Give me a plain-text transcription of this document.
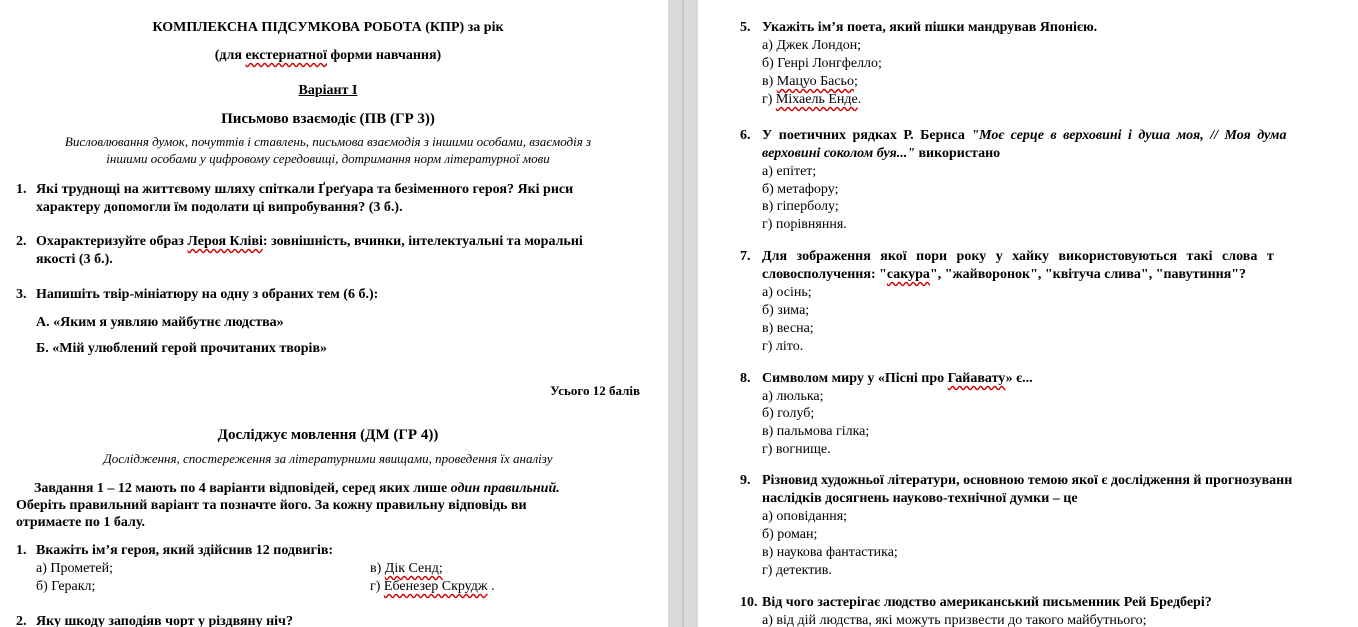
КОМПЛЕКСНА ПІДСУМКОВА РОБОТА (КПР) за рік
(для екстернатної форми навчання)
Варіант І
Письмово взаємодіє (ПВ (ГР 3))
Висловлювання думок, почуттів і ставлень, письмова взаємодія з іншими особами, взаємодія з
іншими особами у цифровому середовищі, дотримання норм літературної мови
1. Які труднощі на життєвому шляху спіткали Ґреґуара та безіменного героя? Які риси
характеру допомогли їм подолати ці випробування? (3 б.).
2. Охарактеризуйте образ Лероя Кліві: зовнішність, вчинки, інтелектуальні та моральні
якості (3 б.).
3. Напишіть твір-мініатюру на одну з обраних тем (6 б.):
А. «Яким я уявляю майбутнє людства»
Б. «Мій улюблений герой прочитаних творів»
Усього 12 балів
Досліджує мовлення (ДМ (ГР 4))
Дослідження, спостереження за літературними явищами, проведення їх аналізу
Завдання 1 – 12 мають по 4 варіанти відповідей, серед яких лише один правильний.
Оберіть правильний варіант та позначте його. За кожну правильну відповідь ви
отримаєте по 1 балу.
1. Вкажіть ім’я героя, який здійснив 12 подвигів:
а) Прометей;
б) Геракл;
в) Дік Сенд;
г) Ебенезер Скрудж .
2. Яку шкоду заподіяв чорт у різдвяну ніч?
5. Укажіть ім’я поета, який пішки мандрував Японією.
а) Джек Лондон;
б) Генрі Лонгфелло;
в) Мацуо Басьо;
г) Міхаель Енде.
6. У поетичних рядках Р. Бернса "Моє серце в верховині і душа моя, // Моя дума
верховині соколом буя..." використано
а) епітет;
б) метафору;
в) гіперболу;
г) порівняння.
7. Для зображення якої пори року у хайку використовуються такі слова т
словосполучення: "сакура", "жайворонок", "квітуча слива", "павутиння"?
а) осінь;
б) зима;
в) весна;
г) літо.
8. Символом миру у «Пісні про Гайавату» є...
а) люлька;
б) голуб;
в) пальмова гілка;
г) вогнище.
9. Різновид художньої літератури, основною темою якої є дослідження й прогнозуванн
наслідків досягнень науково-технічної думки – це
а) оповідання;
б) роман;
в) наукова фантастика;
г) детектив.
10. Від чого застерігає людство американський письменник Рей Бредбері?
а) від дій людства, які можуть призвести до такого майбутнього;
